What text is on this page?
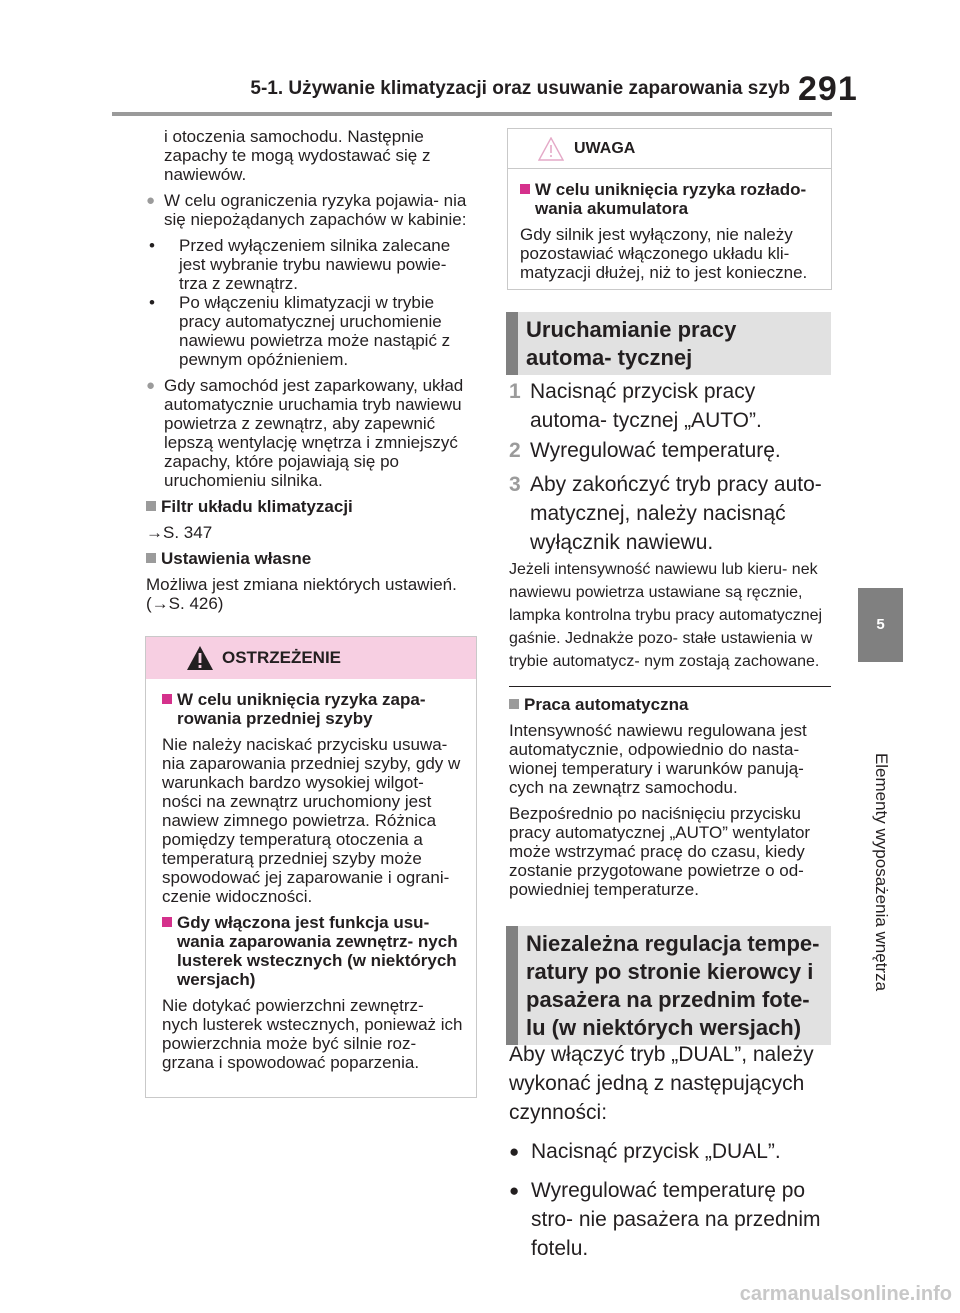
5-1. Używanie klimatyzacji oraz usuwanie zaparowania szyb 291
5
Elementy wyposażenia wnętrza

i otoczenia samochodu. Następnie zapachy te mogą wydostawać się z nawiewów.

● W celu ograniczenia ryzyka pojawia- nia się niepożądanych zapachów w kabinie:

• Przed wyłączeniem silnika zalecane jest wybranie trybu nawiewu powie- trza z zewnątrz.

• Po włączeniu klimatyzacji w trybie pracy automatycznej uruchomienie nawiewu powietrza może nastąpić z pewnym opóźnieniem.

● Gdy samochód jest zaparkowany, układ automatycznie uruchamia tryb nawiewu powietrza z zewnątrz, aby zapewnić lepszą wentylację wnętrza i zmniejszyć zapachy, które pojawiają się po uruchomieniu silnika.

Filtr układu klimatyzacji

→S. 347

Ustawienia własne

Możliwa jest zmiana niektórych ustawień. (→S. 426)

OSTRZEŻENIE

W celu uniknięcia ryzyka zapa- rowania przedniej szyby

Nie należy naciskać przycisku usuwa- nia zaparowania przedniej szyby, gdy w warunkach bardzo wysokiej wilgot- ności na zewnątrz uruchomiony jest nawiew zimnego powietrza. Różnica pomiędzy temperaturą otoczenia a temperaturą przedniej szyby może spowodować jej zaparowanie i ograni- czenie widoczności.

Gdy włączona jest funkcja usu- wania zaparowania zewnętrz- nych lusterek wstecznych (w niektórych wersjach)

Nie dotykać powierzchni zewnętrz- nych lusterek wstecznych, ponieważ ich powierzchnia może być silnie roz- grzana i spowodować poparzenia.

UWAGA

W celu uniknięcia ryzyka rozłado- wania akumulatora

Gdy silnik jest wyłączony, nie należy pozostawiać włączonego układu kli- matyzacji dłużej, niż to jest konieczne.

Uruchamianie pracy automa- tycznej
1 Nacisnąć przycisk pracy automa- tycznej „AUTO”.
2 Wyregulować temperaturę.
3 Aby zakończyć tryb pracy auto- matycznej, należy nacisnąć wyłącznik nawiewu.
Jeżeli intensywność nawiewu lub kieru- nek nawiewu powietrza ustawiane są ręcznie, lampka kontrolna trybu pracy automatycznej gaśnie. Jednakże pozo- stałe ustawienia w trybie automatycz- nym zostają zachowane.

Praca automatyczna

Intensywność nawiewu regulowana jest automatycznie, odpowiednio do nasta- wionej temperatury i warunków panują- cych na zewnątrz samochodu.

Bezpośrednio po naciśnięciu przycisku pracy automatycznej „AUTO” wentylator może wstrzymać pracę do czasu, kiedy zostanie przygotowane powietrze o od- powiedniej temperaturze.

Niezależna regulacja tempe- ratury po stronie kierowcy i pasażera na przednim fote- lu (w niektórych wersjach)
Aby włączyć tryb „DUAL”, należy wykonać jedną z następujących czynności:
● Nacisnąć przycisk „DUAL”.
● Wyregulować temperaturę po stro- nie pasażera na przednim fotelu.
carmanualsonline.info
